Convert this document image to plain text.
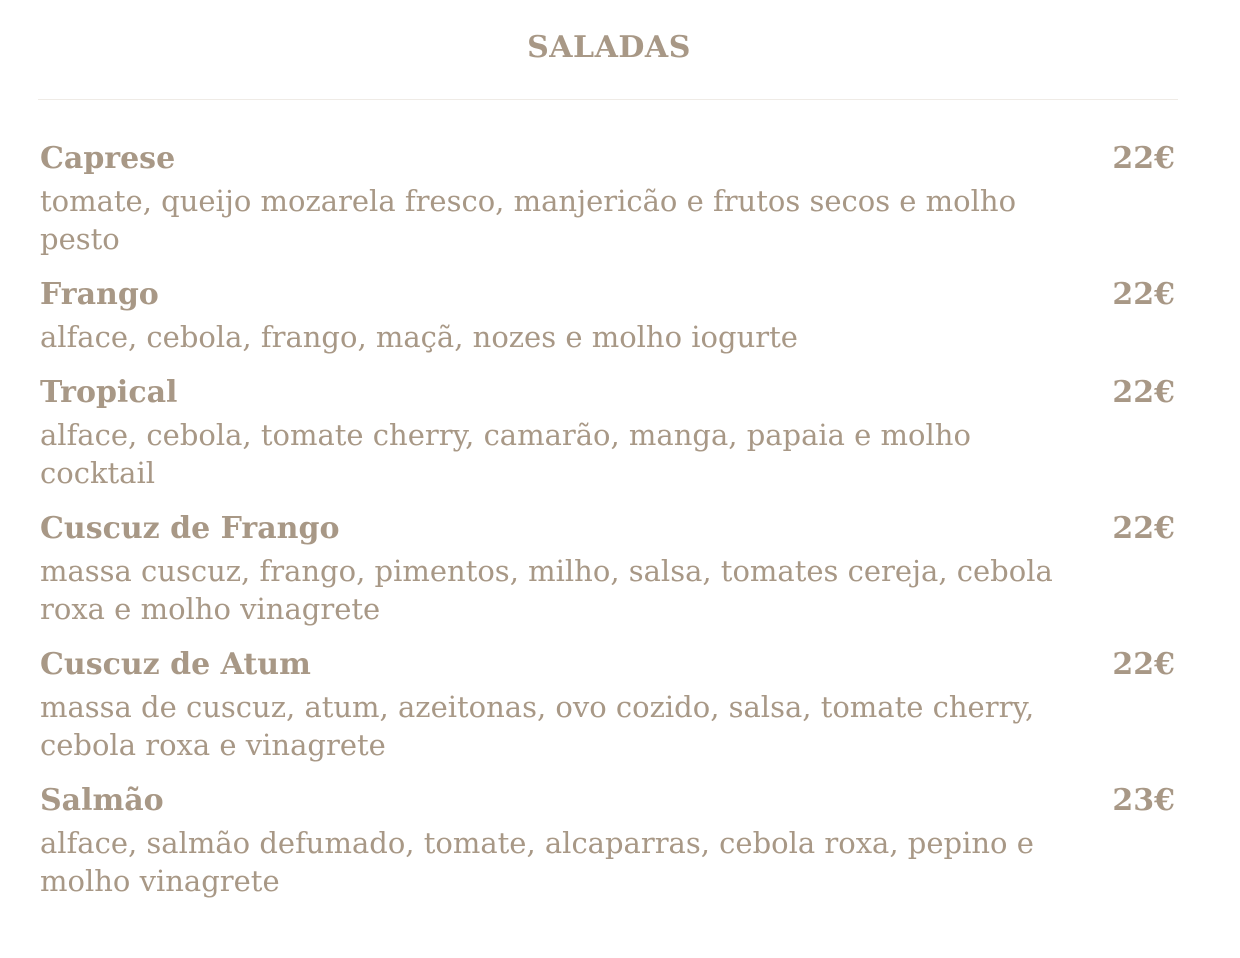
SALADAS
Caprese	22€
tomate, queijo mozarela fresco, manjericão e frutos secos e molho pesto
Frango	22€
alface, cebola, frango, maçã, nozes e molho iogurte
Tropical	22€
alface, cebola, tomate cherry, camarão, manga, papaia e molho cocktail
Cuscuz de Frango	22€
massa cuscuz, frango, pimentos, milho, salsa, tomates cereja, cebola roxa e molho vinagrete
Cuscuz de Atum	22€
massa de cuscuz, atum, azeitonas, ovo cozido, salsa, tomate cherry, cebola roxa e vinagrete
Salmão	23€
alface, salmão defumado, tomate, alcaparras, cebola roxa, pepino e molho vinagrete
